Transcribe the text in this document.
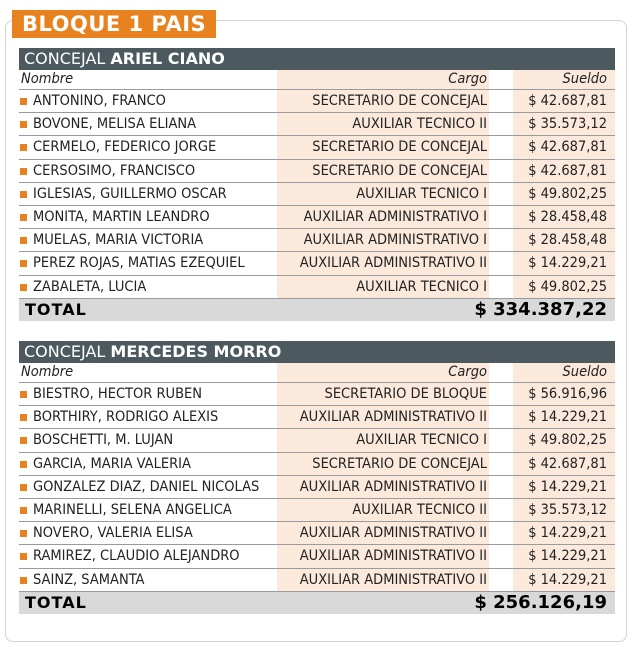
BLOQUE 1 PAIS
CONCEJAL ARIEL CIANO
Nombre	Cargo	Sueldo
ANTONINO, FRANCO	SECRETARIO DE CONCEJAL	$ 42.687,81
BOVONE, MELISA ELIANA	AUXILIAR TECNICO II	$ 35.573,12
CERMELO, FEDERICO JORGE	SECRETARIO DE CONCEJAL	$ 42.687,81
CERSOSIMO, FRANCISCO	SECRETARIO DE CONCEJAL	$ 42.687,81
IGLESIAS, GUILLERMO OSCAR	AUXILIAR TECNICO I	$ 49.802,25
MONITA, MARTIN LEANDRO	AUXILIAR ADMINISTRATIVO I	$ 28.458,48
MUELAS, MARIA VICTORIA	AUXILIAR ADMINISTRATIVO I	$ 28.458,48
PEREZ ROJAS, MATIAS EZEQUIEL	AUXILIAR ADMINISTRATIVO II	$ 14.229,21
ZABALETA, LUCIA	AUXILIAR TECNICO I	$ 49.802,25
TOTAL	$ 334.387,22
CONCEJAL MERCEDES MORRO
Nombre	Cargo	Sueldo
BIESTRO, HECTOR RUBEN	SECRETARIO DE BLOQUE	$ 56.916,96
BORTHIRY, RODRIGO ALEXIS	AUXILIAR ADMINISTRATIVO II	$ 14.229,21
BOSCHETTI, M. LUJAN	AUXILIAR TECNICO I	$ 49.802,25
GARCIA, MARIA VALERIA	SECRETARIO DE CONCEJAL	$ 42.687,81
GONZALEZ DIAZ, DANIEL NICOLAS	AUXILIAR ADMINISTRATIVO II	$ 14.229,21
MARINELLI, SELENA ANGELICA	AUXILIAR TECNICO II	$ 35.573,12
NOVERO, VALERIA ELISA	AUXILIAR ADMINISTRATIVO II	$ 14.229,21
RAMIREZ, CLAUDIO ALEJANDRO	AUXILIAR ADMINISTRATIVO II	$ 14.229,21
SAINZ, SAMANTA	AUXILIAR ADMINISTRATIVO II	$ 14.229,21
TOTAL	$ 256.126,19
